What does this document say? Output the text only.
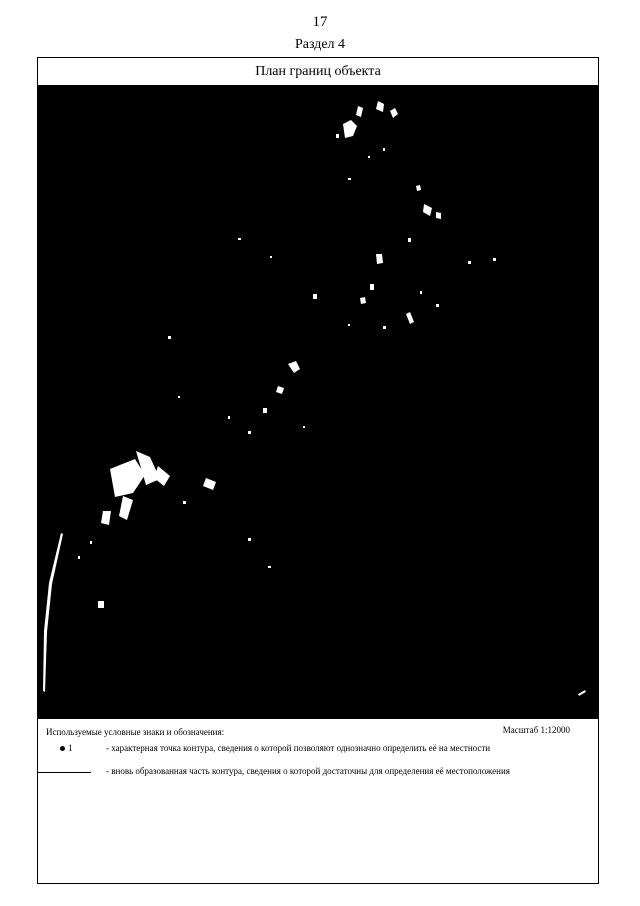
17
Раздел 4
План границ объекта
Используемые условные знаки и обозначения:	Масштаб 1:12000
1	- характерная точка контура, сведения о которой позволяют однозначно определить её на местности
- вновь образованная часть контура, сведения о которой достаточны для определения её местоположения
